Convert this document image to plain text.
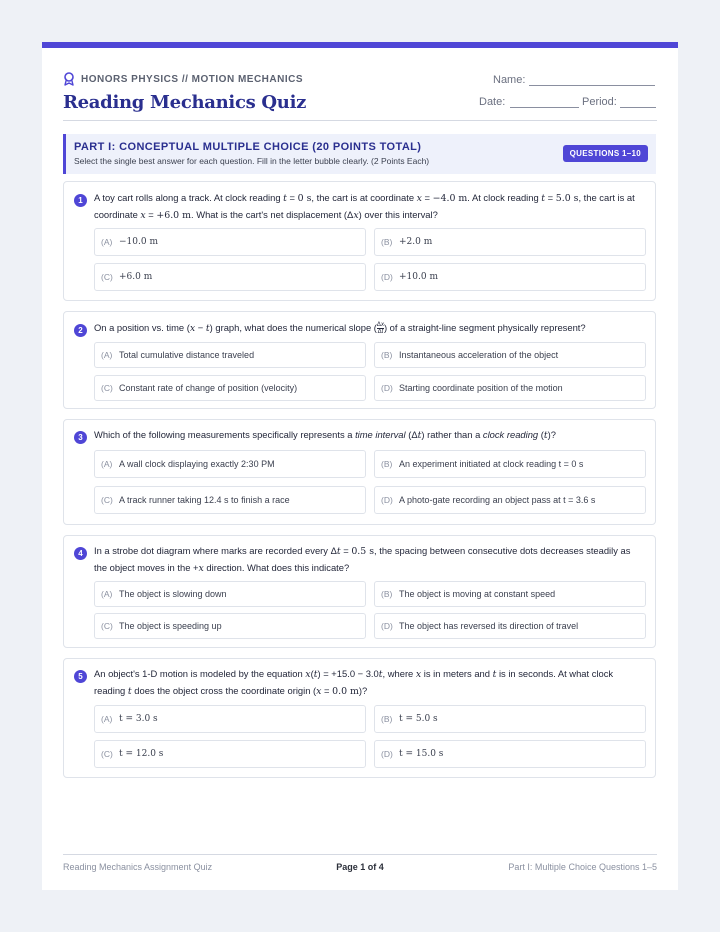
HONORS PHYSICS // MOTION MECHANICS
Reading Mechanics Quiz
Name:
Date:	Period:
PART I: CONCEPTUAL MULTIPLE CHOICE (20 POINTS TOTAL)
Select the single best answer for each question. Fill in the letter bubble clearly. (2 Points Each)
QUESTIONS 1–10
1	A toy cart rolls along a track. At clock reading t = 0 s, the cart is at coordinate x = −4.0 m. At clock reading t = 5.0 s, the cart is at coordinate x = +6.0 m. What is the cart's net displacement (Δx) over this interval?
(A) −10.0 m	(B) +2.0 m
(C) +6.0 m	(D) +10.0 m
2	On a position vs. time (x − t) graph, what does the numerical slope ( $\frac{\Delta x}{\Delta t}$ ) of a straight-line segment physically represent?
(A) Total cumulative distance traveled	(B) Instantaneous acceleration of the object
(C) Constant rate of change of position (velocity)	(D) Starting coordinate position of the motion
3	Which of the following measurements specifically represents a time interval (Δt) rather than a clock reading (t)?
(A) A wall clock displaying exactly 2:30 PM	(B) An experiment initiated at clock reading t = 0 s
(C) A track runner taking 12.4 s to finish a race	(D) A photo-gate recording an object pass at t = 3.6 s
4	In a strobe dot diagram where marks are recorded every Δt = 0.5 s, the spacing between consecutive dots decreases steadily as the object moves in the +x direction. What does this indicate?
(A) The object is slowing down	(B) The object is moving at constant speed
(C) The object is speeding up	(D) The object has reversed its direction of travel
5	An object's 1-D motion is modeled by the equation x(t) = +15.0 − 3.0t, where x is in meters and t is in seconds. At what clock reading t does the object cross the coordinate origin (x = 0.0 m)?
(A) t = 3.0 s	(B) t = 5.0 s
(C) t = 12.0 s	(D) t = 15.0 s
Reading Mechanics Assignment Quiz	Page 1 of 4	Part I: Multiple Choice Questions 1–5
